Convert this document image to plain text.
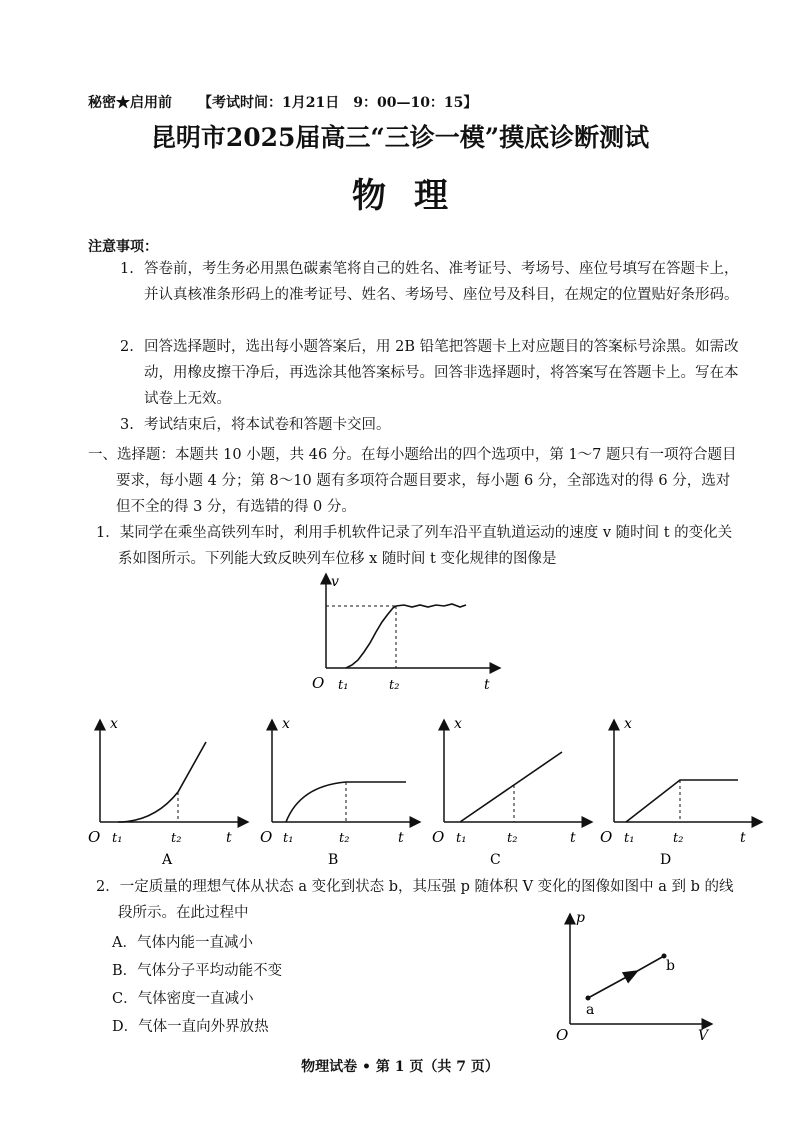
秘密★启用前 【考试时间：1月21日　9：00—10：15】
昆明市2025届高三“三诊一模”摸底诊断测试
物理
注意事项：
1. 答卷前，考生务必用黑色碳素笔将自己的姓名、准考证号、考场号、座位号填写在答题卡上，并认真核准条形码上的准考证号、姓名、考场号、座位号及科目，在规定的位置贴好条形码。
2. 回答选择题时，选出每小题答案后，用 2B 铅笔把答题卡上对应题目的答案标号涂黑。如需改动，用橡皮擦干净后，再选涂其他答案标号。回答非选择题时，将答案写在答题卡上。写在本试卷上无效。
3. 考试结束后，将本试卷和答题卡交回。
一、选择题：本题共 10 小题，共 46 分。在每小题给出的四个选项中，第 1～7 题只有一项符合题目要求，每小题 4 分；第 8～10 题有多项符合题目要求，每小题 6 分，全部选对的得 6 分，选对但不全的得 3 分，有选错的得 0 分。
1．某同学在乘坐高铁列车时，利用手机软件记录了列车沿平直轨道运动的速度 v 随时间 t 的变化关系如图所示。下列能大致反映列车位移 x 随时间 t 变化规律的图像是
v
O t₁	t₂	t
x
O t₁	t₂	t
A
x
O t₁	t₂	t
B
x
O t₁	t₂	t
C
x
O t₁	t₂	t
D
2．一定质量的理想气体从状态 a 变化到状态 b，其压强 p 随体积 V 变化的图像如图中 a 到 b 的线段所示。在此过程中
A．气体内能一直减小
B．气体分子平均动能不变
C．气体密度一直减小
D．气体一直向外界放热
p
O	V
a
b
物理试卷 • 第 1 页（共 7 页）
